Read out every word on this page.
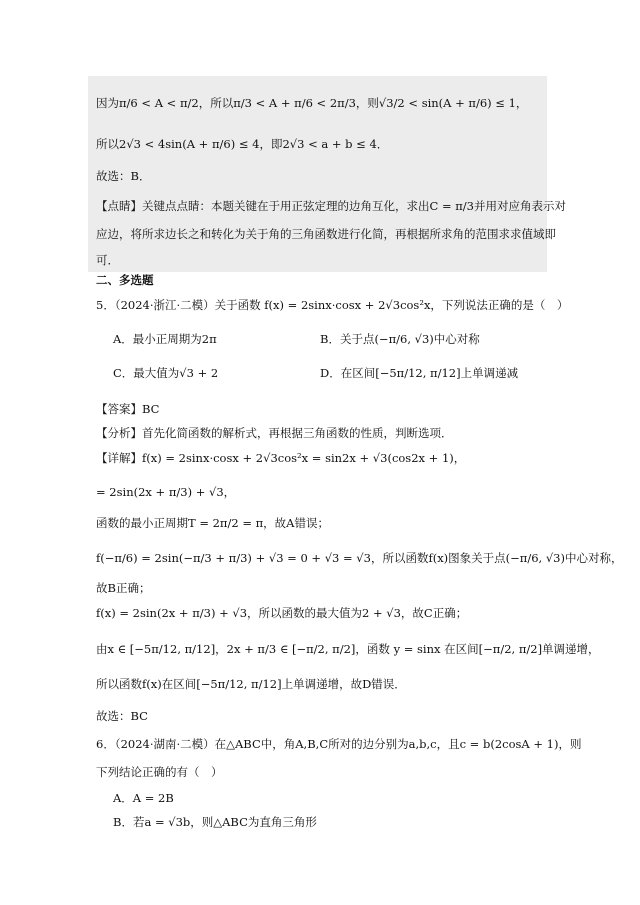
因为π/6 < A < π/2，所以π/3 < A + π/6 < 2π/3，则√3/2 < sin(A + π/6) ≤ 1，
所以2√3 < 4sin(A + π/6) ≤ 4，即2√3 < a + b ≤ 4．
故选：B．
【点睛】关键点点睛：本题关键在于用正弦定理的边角互化，求出C = π/3并用对应角表示对
应边，将所求边长之和转化为关于角的三角函数进行化简，再根据所求角的范围求求值域即
可．
二、多选题
5．（2024·浙江·二模）关于函数 f(x) = 2sinx·cosx + 2√3cos²x，下列说法正确的是（　）
A．最小正周期为2π	B．关于点(−π/6, √3)中心对称
C．最大值为√3 + 2	D．在区间[−5π/12, π/12]上单调递减
【答案】BC
【分析】首先化简函数的解析式，再根据三角函数的性质，判断选项．
【详解】f(x) = 2sinx·cosx + 2√3cos²x = sin2x + √3(cos2x + 1)，
= 2sin(2x + π/3) + √3，
函数的最小正周期T = 2π/2 = π，故A错误；
f(−π/6) = 2sin(−π/3 + π/3) + √3 = 0 + √3 = √3，所以函数f(x)图象关于点(−π/6, √3)中心对称，
故B正确；
f(x) = 2sin(2x + π/3) + √3，所以函数的最大值为2 + √3，故C正确；
由x ∈ [−5π/12, π/12]，2x + π/3 ∈ [−π/2, π/2]，函数 y = sinx 在区间[−π/2, π/2]单调递增，
所以函数f(x)在区间[−5π/12, π/12]上单调递增，故D错误．
故选：BC
6．（2024·湖南·二模）在△ABC中，角A,B,C所对的边分别为a,b,c，且c = b(2cosA + 1)，则
下列结论正确的有（　）
A．A = 2B
B．若a = √3b，则△ABC为直角三角形
